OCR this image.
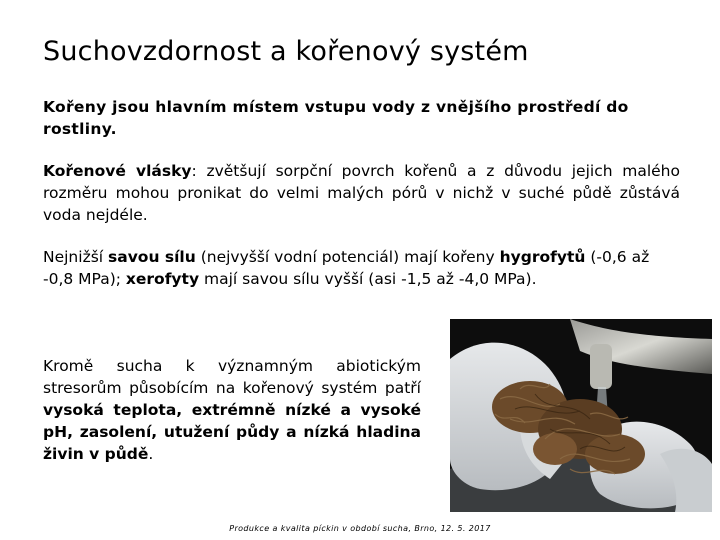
Suchovzdornost a kořenový systém
Kořeny jsou hlavním místem vstupu vody z vnějšího prostředí do rostliny.
Kořenové vlásky: zvětšují sorpční povrch kořenů a z důvodu jejich malého rozměru mohou pronikat do velmi malých pórů v nichž v suché půdě zůstává voda nejdéle.
Nejnižší savou sílu (nejvyšší vodní potenciál) mají kořeny hygrofytů (-0,6 až -0,8 MPa); xerofyty mají savou sílu vyšší (asi -1,5 až -4,0 MPa).
Kromě sucha k významným abiotickým stresorům působícím na kořenový systém patří vysoká teplota, extrémně nízké a vysoké pH, zasolení, utužení půdy a nízká hladina živin v půdě.
Produkce a kvalita píckin v období sucha, Brno, 12. 5. 2017
